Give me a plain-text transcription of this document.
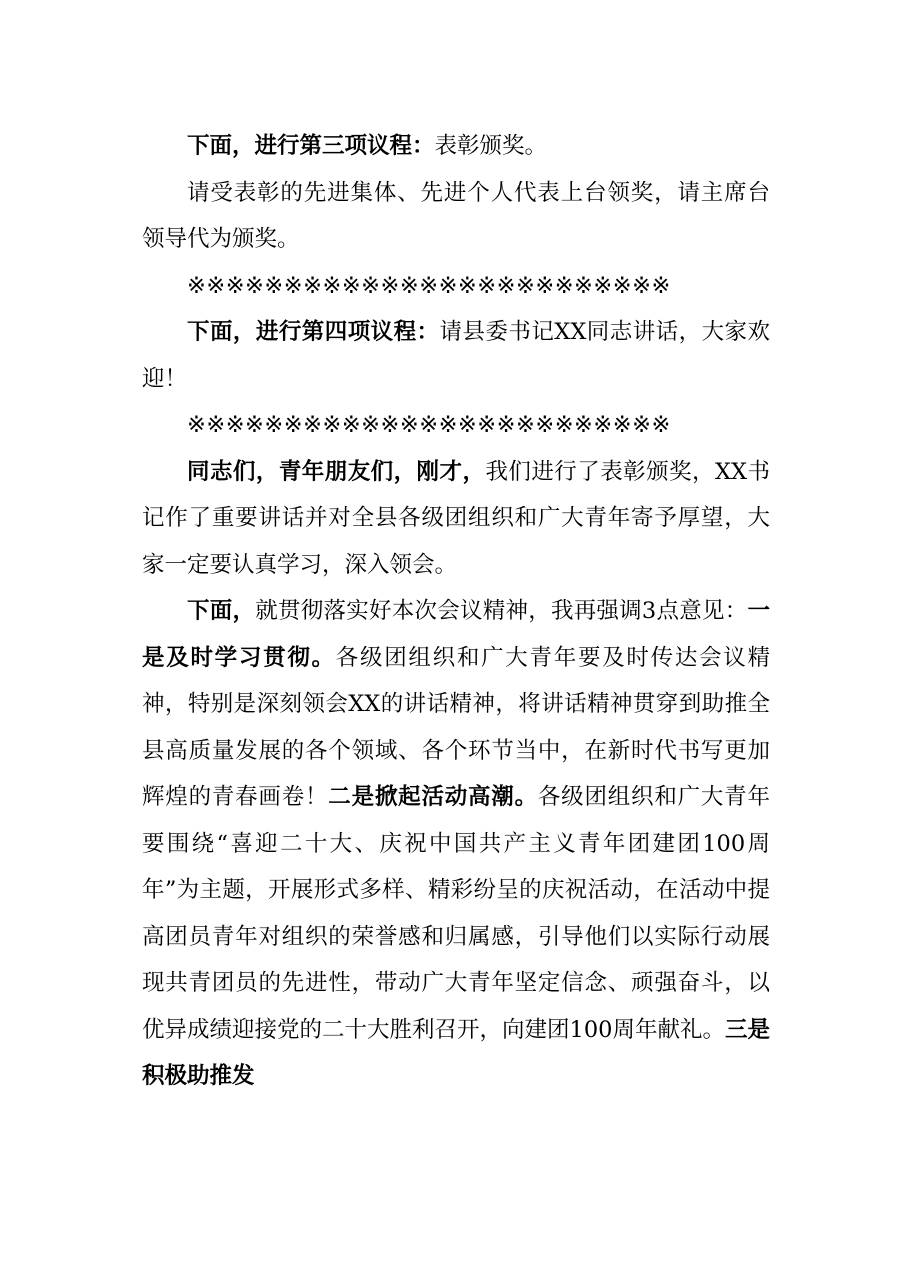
下面，进行第三项议程：表彰颁奖。

请受表彰的先进集体、先进个人代表上台领奖，请主席台领导代为颁奖。

※※※※※※※※※※※※※※※※※※※※※※※※※

下面，进行第四项议程：请县委书记XX同志讲话，大家欢迎！

※※※※※※※※※※※※※※※※※※※※※※※※※

同志们，青年朋友们，刚才，我们进行了表彰颁奖，XX书记作了重要讲话并对全县各级团组织和广大青年寄予厚望，大家一定要认真学习，深入领会。

下面，就贯彻落实好本次会议精神，我再强调3点意见：一是及时学习贯彻。各级团组织和广大青年要及时传达会议精神，特别是深刻领会XX的讲话精神，将讲话精神贯穿到助推全县高质量发展的各个领域、各个环节当中，在新时代书写更加辉煌的青春画卷！二是掀起活动高潮。各级团组织和广大青年要围绕“喜迎二十大、庆祝中国共产主义青年团建团100周年”为主题，开展形式多样、精彩纷呈的庆祝活动，在活动中提高团员青年对组织的荣誉感和归属感，引导他们以实际行动展现共青团员的先进性，带动广大青年坚定信念、顽强奋斗，以优异成绩迎接党的二十大胜利召开，向建团100周年献礼。三是积极助推发
